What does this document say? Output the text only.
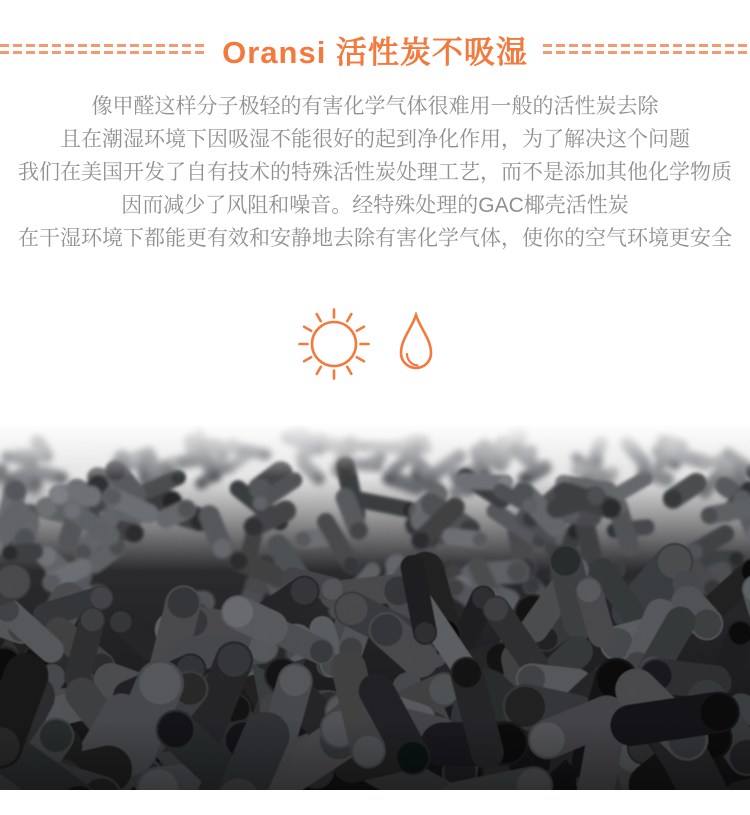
Oransi 活性炭不吸湿
像甲醛这样分子极轻的有害化学气体很难用一般的活性炭去除
且在潮湿环境下因吸湿不能很好的起到净化作用，为了解决这个问题
我们在美国开发了自有技术的特殊活性炭处理工艺，而不是添加其他化学物质
因而减少了风阻和噪音。经特殊处理的GAC椰壳活性炭
在干湿环境下都能更有效和安静地去除有害化学气体，使你的空气环境更安全
